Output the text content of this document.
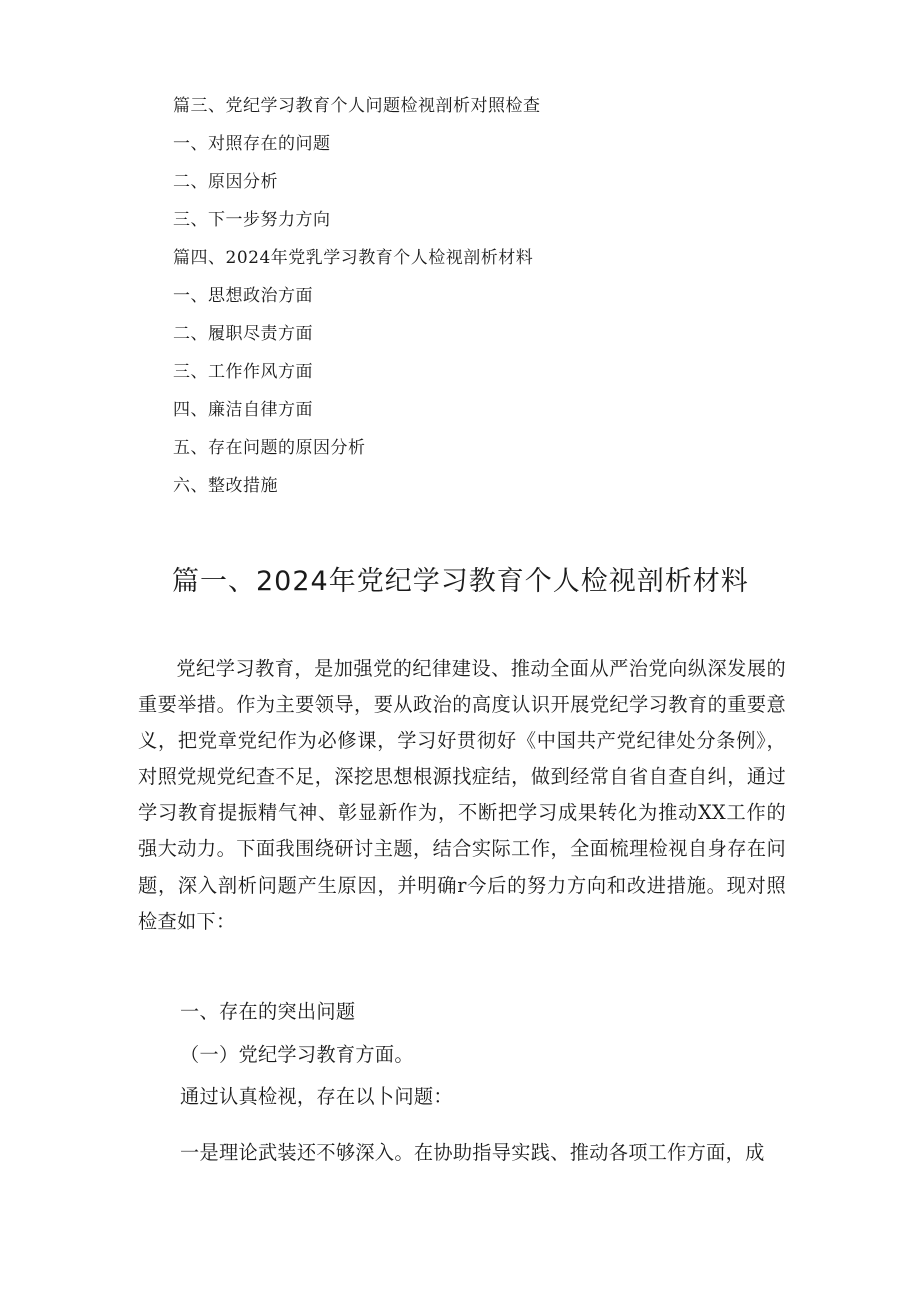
篇三、党纪学习教育个人问题检视剖析对照检查
一、对照存在的问题
二、原因分析
三、下一步努力方向
篇四、2024年党乳学习教育个人检视剖析材料
一、思想政治方面
二、履职尽责方面
三、工作作风方面
四、廉洁自律方面
五、存在问题的原因分析
六、整改措施
篇一、2024年党纪学习教育个人检视剖析材料

党纪学习教育，是加强党的纪律建设、推动全面从严治党向纵深发展的重要举措。作为主要领导，要从政治的高度认识开展党纪学习教育的重要意义，把党章党纪作为必修课，学习好贯彻好《中国共产党纪律处分条例》，对照党规党纪查不足，深挖思想根源找症结，做到经常自省自查自纠，通过学习教育提振精气神、彰显新作为，不断把学习成果转化为推动XX工作的强大动力。下面我围绕研讨主题，结合实际工作，全面梳理检视自身存在问题，深入剖析问题产生原因，并明确r今后的努力方向和改进措施。现对照检查如下：

一、存在的突出问题
（一）党纪学习教育方面。
通过认真检视，存在以卜问题：
一是理论武装还不够深入。在协助指导实践、推动各项工作方面，成
